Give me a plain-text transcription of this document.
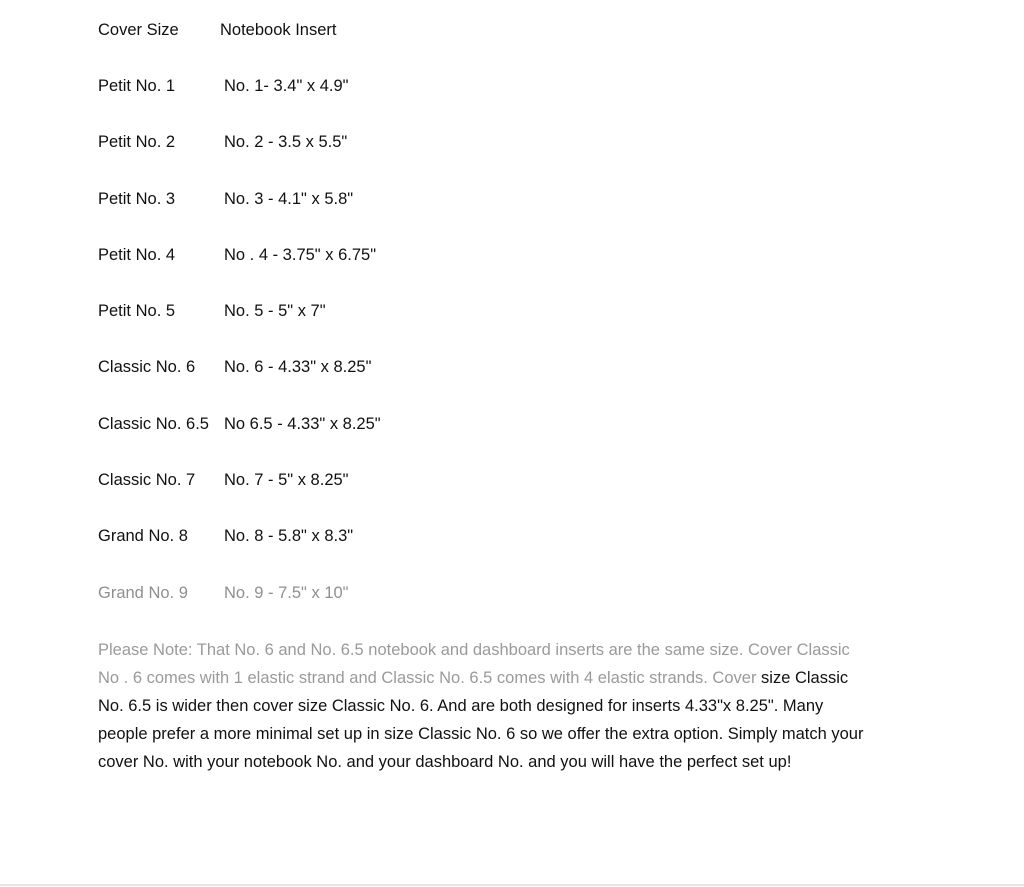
Cover Size	Notebook Insert
Petit No. 1	No. 1- 3.4" x 4.9"
Petit No. 2	No. 2 - 3.5 x 5.5"
Petit No. 3	No. 3 - 4.1" x 5.8"
Petit No. 4	No . 4 - 3.75" x 6.75"
Petit No. 5	No. 5 - 5" x 7"
Classic No. 6	No. 6 - 4.33" x 8.25"
Classic No. 6.5 No 6.5 - 4.33" x 8.25"
Classic No. 7	No. 7 - 5" x 8.25"
Grand No. 8	No. 8 - 5.8" x 8.3"
Grand No. 9	No. 9 - 7.5" x 10"

Please Note: That No. 6 and No. 6.5 notebook and dashboard inserts are the same size. Cover Classic No . 6 comes with 1 elastic strand and Classic No. 6.5 comes with 4 elastic strands. Cover size Classic No. 6.5 is wider then cover size Classic No. 6. And are both designed for inserts 4.33"x 8.25". Many people prefer a more minimal set up in size Classic No. 6 so we offer the extra option. Simply match your cover No. with your notebook No. and your dashboard No. and you will have the perfect set up!
